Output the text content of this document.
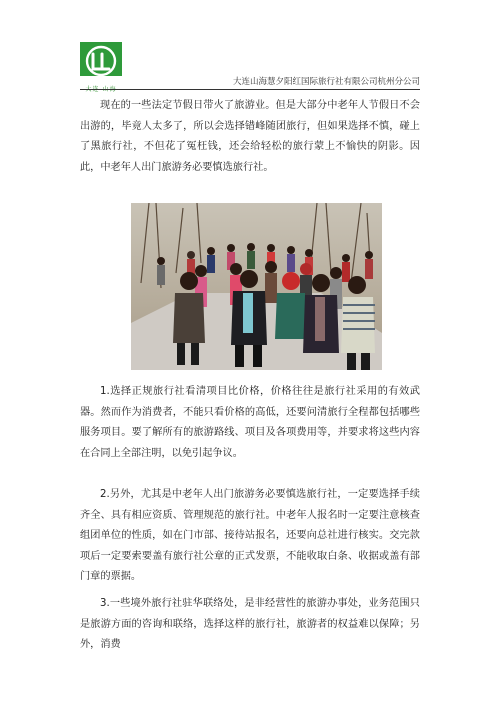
大连 山海
大连山海慧夕阳红国际旅行社有限公司杭州分公司

现在的一些法定节假日带火了旅游业。但是大部分中老年人节假日不会出游的，毕竟人太多了，所以会选择错峰随团旅行，但如果选择不慎，碰上了黑旅行社，不但花了冤枉钱，还会给轻松的旅行蒙上不愉快的阴影。因此，中老年人出门旅游务必要慎选旅行社。

1.选择正规旅行社看清项目比价格，价格往往是旅行社采用的有效武器。然而作为消费者，不能只看价格的高低，还要问清旅行全程都包括哪些服务项目。要了解所有的旅游路线、项目及各项费用等，并要求将这些内容在合同上全部注明，以免引起争议。

2.另外，尤其是中老年人出门旅游务必要慎选旅行社，一定要选择手续齐全、具有相应资质、管理规范的旅行社。中老年人报名时一定要注意核查组团单位的性质，如在门市部、接待站报名，还要向总社进行核实。交完款项后一定要索要盖有旅行社公章的正式发票，不能收取白条、收据或盖有部门章的票据。

3.一些境外旅行社驻华联络处，是非经营性的旅游办事处，业务范围只是旅游方面的咨询和联络，选择这样的旅行社，旅游者的权益难以保障；另外，消费
